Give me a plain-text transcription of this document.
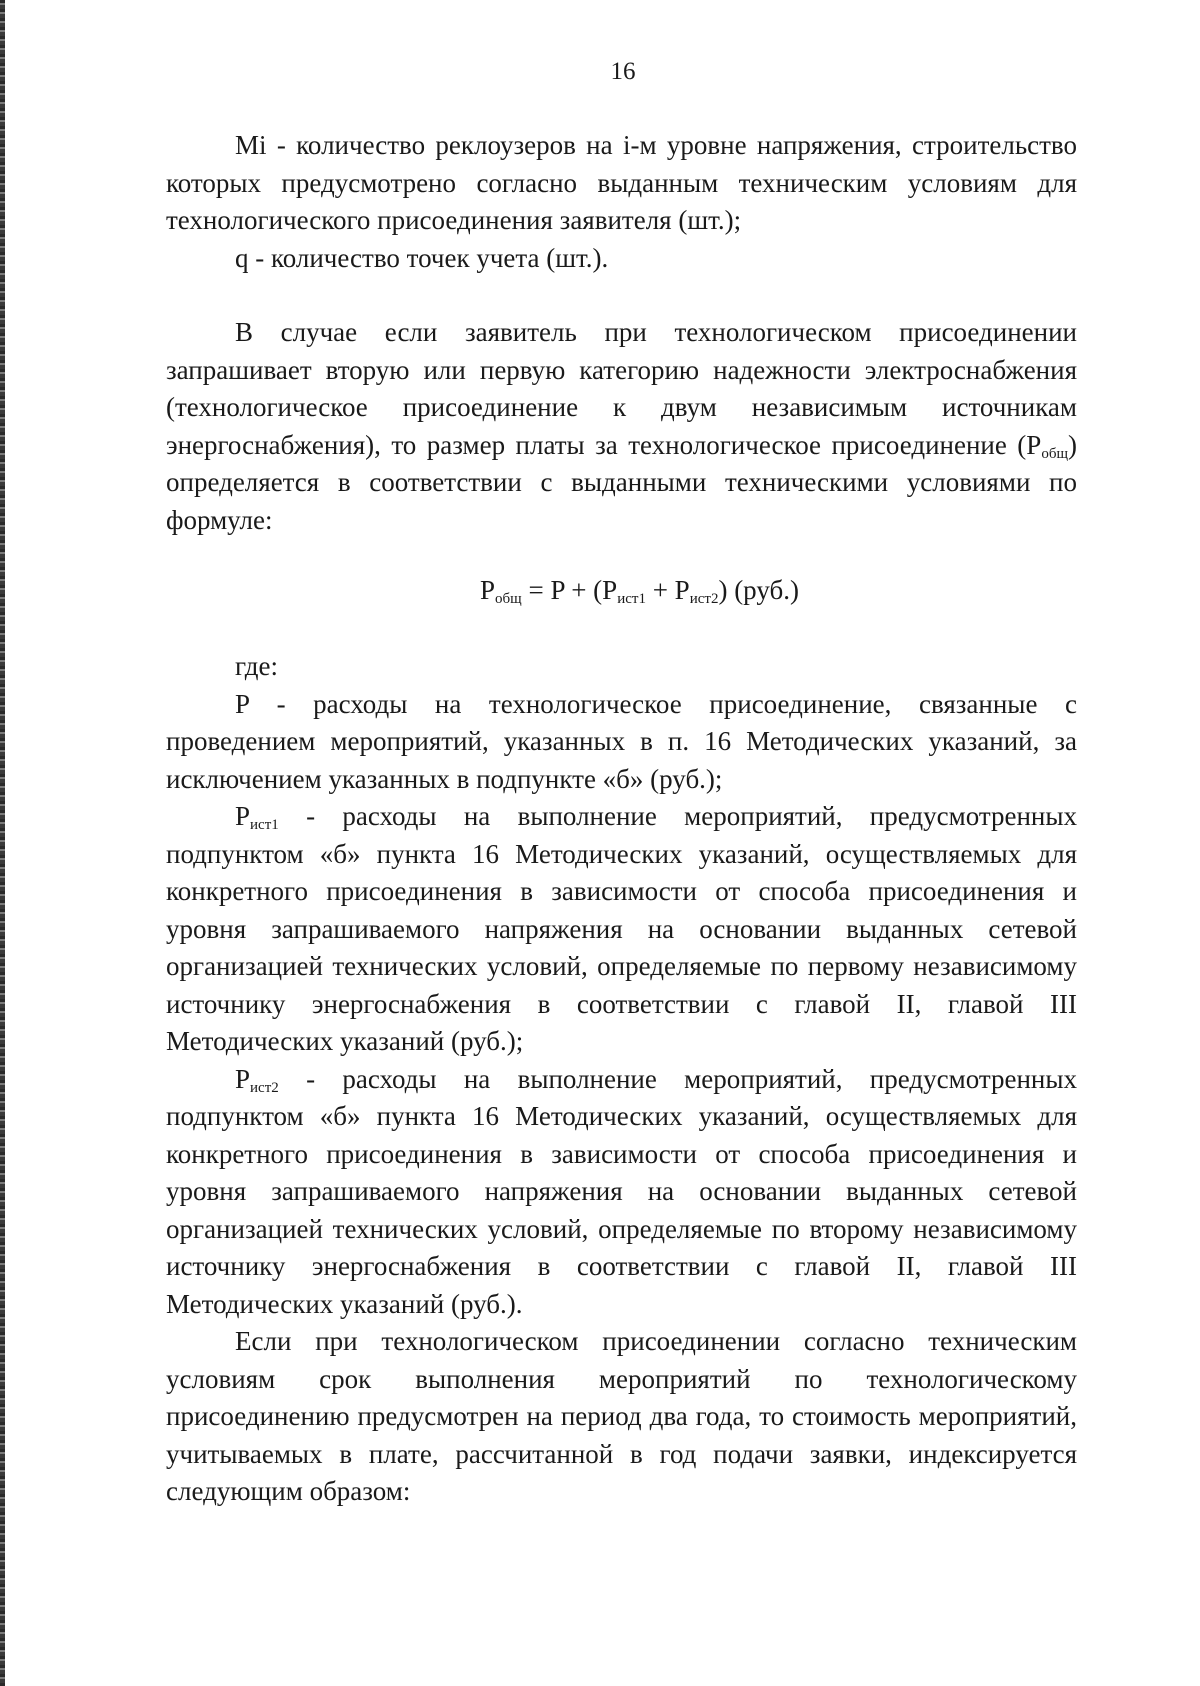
16

Mi - количество реклоузеров на i-м уровне напряжения, строительство которых предусмотрено согласно выданным техническим условиям для технологического присоединения заявителя (шт.);

q - количество точек учета (шт.).

В случае если заявитель при технологическом присоединении запрашивает вторую или первую категорию надежности электроснабжения (технологическое присоединение к двум независимым источникам энергоснабжения), то размер платы за технологическое присоединение $(P_{общ})$ определяется в соответствии с выданными техническими условиями по формуле:

$P_{общ} = P + (P_{ист1} + P_{ист2})$ (руб.)

где:

P - расходы на технологическое присоединение, связанные с проведением мероприятий, указанных в п. 16 Методических указаний, за исключением указанных в подпункте «б» (руб.);

$P_{ист1}$ - расходы на выполнение мероприятий, предусмотренных подпунктом «б» пункта 16 Методических указаний, осуществляемых для конкретного присоединения в зависимости от способа присоединения и уровня запрашиваемого напряжения на основании выданных сетевой организацией технических условий, определяемые по первому независимому источнику энергоснабжения в соответствии с главой II, главой III Методических указаний (руб.);

$P_{ист2}$ - расходы на выполнение мероприятий, предусмотренных подпунктом «б» пункта 16 Методических указаний, осуществляемых для конкретного присоединения в зависимости от способа присоединения и уровня запрашиваемого напряжения на основании выданных сетевой организацией технических условий, определяемые по второму независимому источнику энергоснабжения в соответствии с главой II, главой III Методических указаний (руб.).

Если при технологическом присоединении согласно техническим условиям срок выполнения мероприятий по технологическому присоединению предусмотрен на период два года, то стоимость мероприятий, учитываемых в плате, рассчитанной в год подачи заявки, индексируется следующим образом:
